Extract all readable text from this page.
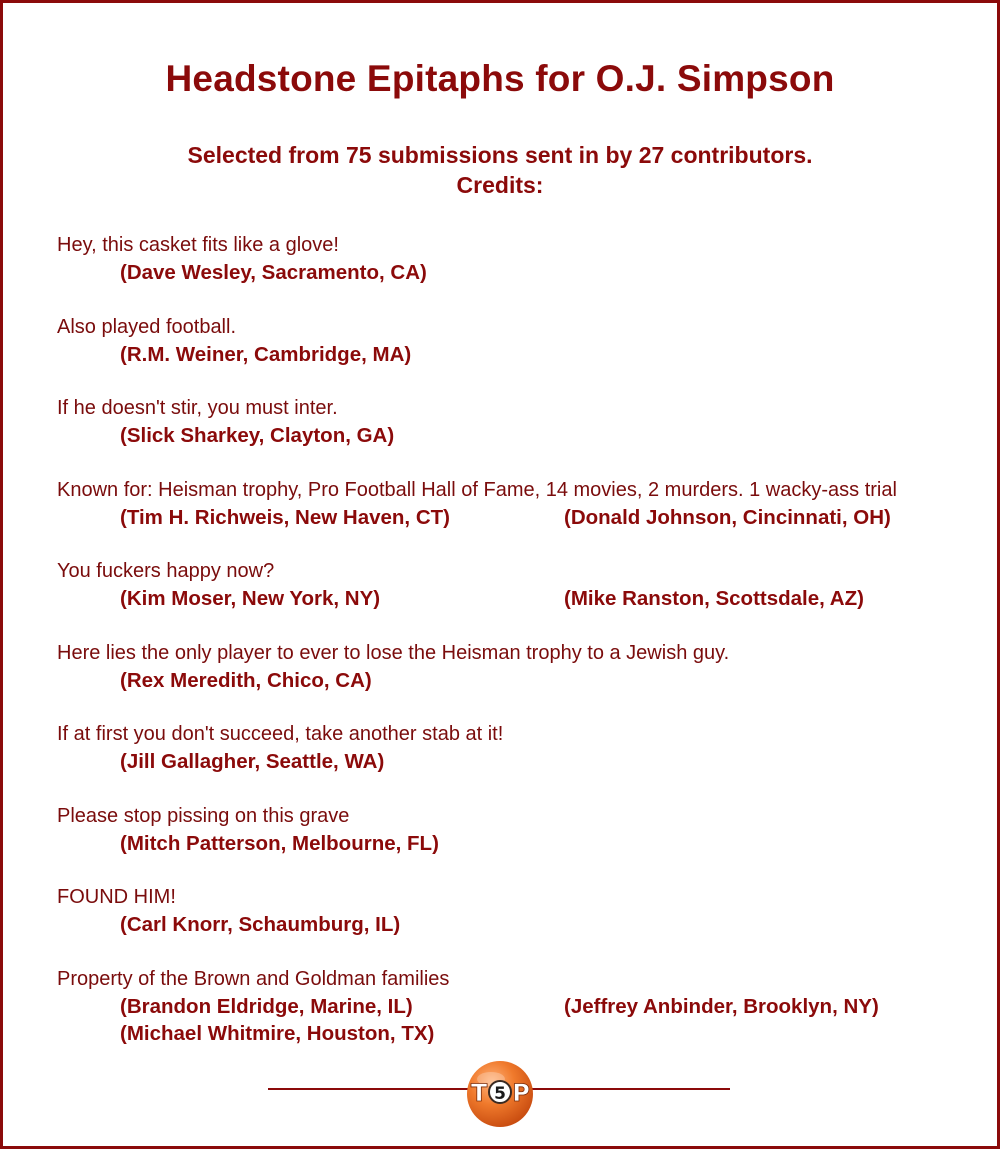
Headstone Epitaphs for O.J. Simpson
Selected from 75 submissions sent in by 27 contributors.
Credits:
Hey, this casket fits like a glove!
(Dave Wesley, Sacramento, CA)
Also played football.
(R.M. Weiner, Cambridge, MA)
If he doesn't stir, you must inter.
(Slick Sharkey, Clayton, GA)
Known for: Heisman trophy, Pro Football Hall of Fame, 14 movies, 2 murders. 1 wacky-ass trial
(Tim H. Richweis, New Haven, CT)	(Donald Johnson, Cincinnati, OH)
You fuckers happy now?
(Kim Moser, New York, NY)	(Mike Ranston, Scottsdale, AZ)
Here lies the only player to ever to lose the Heisman trophy to a Jewish guy.
(Rex Meredith, Chico, CA)
If at first you don't succeed, take another stab at it!
(Jill Gallagher, Seattle, WA)
Please stop pissing on this grave
(Mitch Patterson, Melbourne, FL)
FOUND HIM!
(Carl Knorr, Schaumburg, IL)
Property of the Brown and Goldman families
(Brandon Eldridge, Marine, IL)	(Jeffrey Anbinder, Brooklyn, NY)
(Michael Whitmire, Houston, TX)
5
T P
